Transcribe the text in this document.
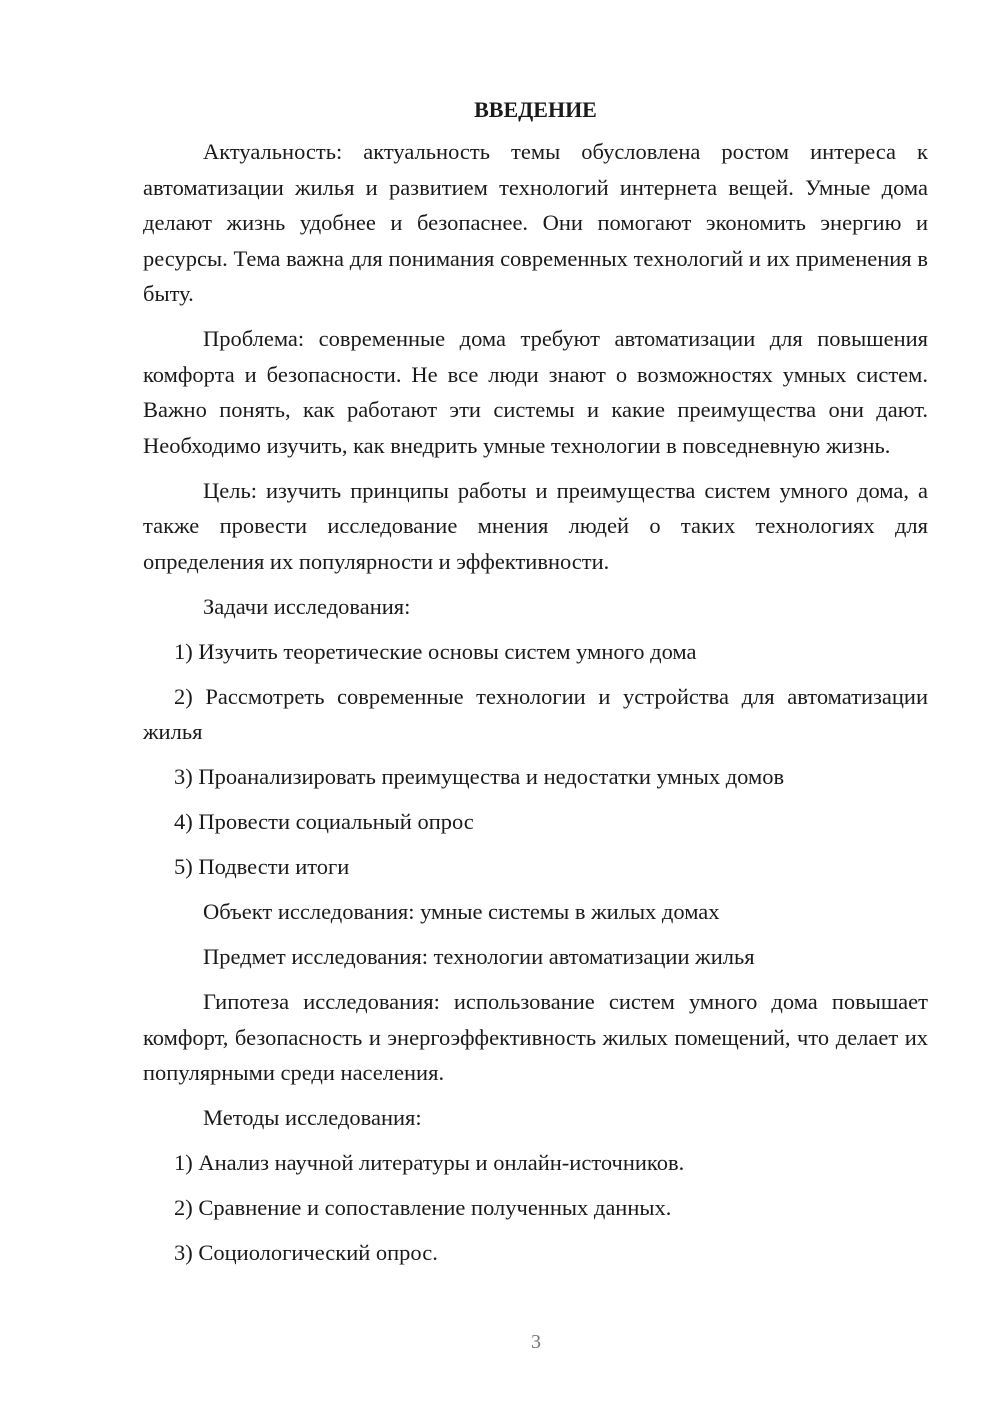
ВВЕДЕНИЕ

Актуальность: актуальность темы обусловлена ростом интереса к автоматизации жилья и развитием технологий интернета вещей. Умные дома делают жизнь удобнее и безопаснее. Они помогают экономить энергию и ресурсы. Тема важна для понимания современных технологий и их применения в быту.

Проблема: современные дома требуют автоматизации для повышения комфорта и безопасности. Не все люди знают о возможностях умных систем. Важно понять, как работают эти системы и какие преимущества они дают. Необходимо изучить, как внедрить умные технологии в повседневную жизнь.

Цель: изучить принципы работы и преимущества систем умного дома, а также провести исследование мнения людей о таких технологиях для определения их популярности и эффективности.

Задачи исследования:

1) Изучить теоретические основы систем умного дома

2) Рассмотреть современные технологии и устройства для автоматизации жилья

3) Проанализировать преимущества и недостатки умных домов

4) Провести социальный опрос

5) Подвести итоги

Объект исследования: умные системы в жилых домах

Предмет исследования: технологии автоматизации жилья

Гипотеза исследования: использование систем умного дома повышает комфорт, безопасность и энергоэффективность жилых помещений, что делает их популярными среди населения.

Методы исследования:

1) Анализ научной литературы и онлайн-источников.

2) Сравнение и сопоставление полученных данных.

3) Социологический опрос.

3
